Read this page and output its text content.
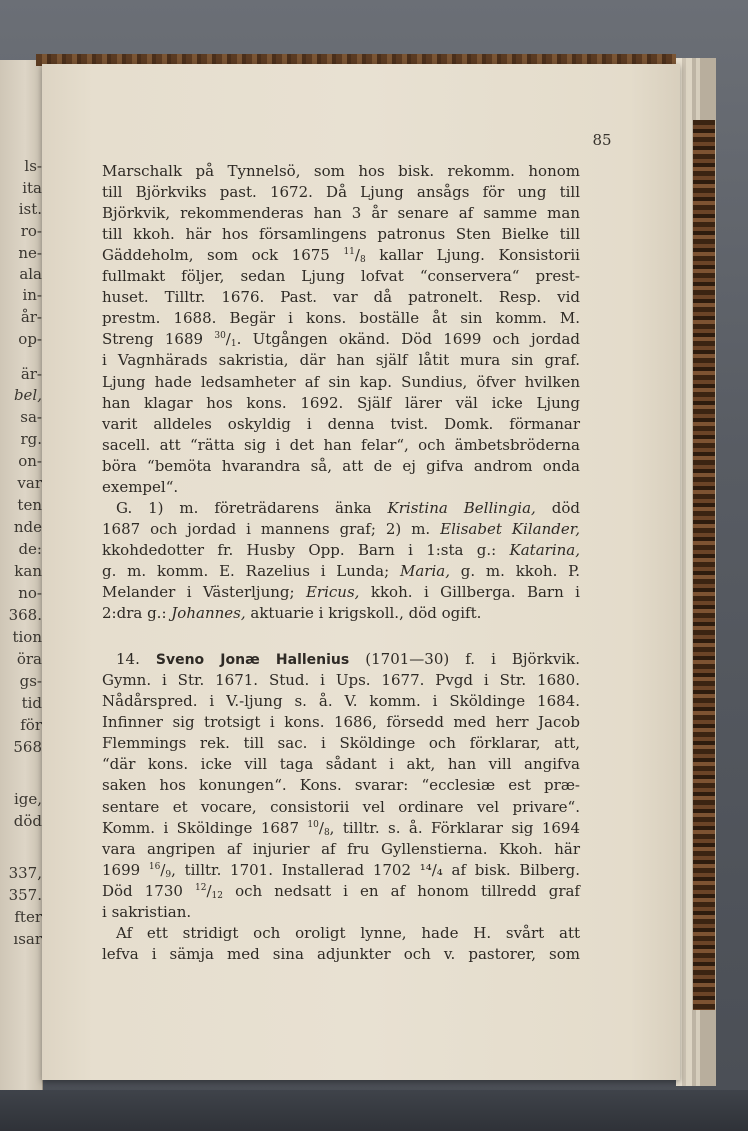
ls-
ita
ist.
ro-
ne-
ala
in-
år-
op-
är-
bel,
sa-
rg.
on-
var
ten
nde
de:
kan
no-
368.
tion
öra
gs-
tid
för
568
ige,
död
337,
357.
fter
ısar
85
Marschalk på Tynnelsö, som hos bisk. rekomm. honom
till Björkviks past. 1672. Då Ljung ansågs för ung till
Björkvik, rekommenderas han 3 år senare af samme man
till kkoh. här hos församlingens patronus Sten Bielke till
Gäddeholm, som ock 1675 $^{11}/_8$ kallar Ljung. Konsistorii
fullmakt följer, sedan Ljung lofvat “conservera“ prest-
huset. Tilltr. 1676. Past. var då patronelt. Resp. vid
prestm. 1688. Begär i kons. boställe åt sin komm. M.
Streng 1689 $^{30}/_1$. Utgången okänd. Död 1699 och jordad
i Vagnhärads sakristia, där han själf låtit mura sin graf.
Ljung hade ledsamheter af sin kap. Sundius, öfver hvilken
han klagar hos kons. 1692. Själf lärer väl icke Ljung
varit alldeles oskyldig i denna tvist. Domk. förmanar
sacell. att “rätta sig i det han felar“, och ämbetsbröderna
böra “bemöta hvarandra så, att de ej gifva androm onda
exempel“.
G. 1) m. företrädarens änka Kristina Bellingia, död
1687 och jordad i mannens graf; 2) m. Elisabet Kilander,
kkohdedotter fr. Husby Opp. Barn i 1:sta g.: Katarina,
g. m. komm. E. Razelius i Lunda; Maria, g. m. kkoh. P.
Melander i Västerljung; Ericus, kkoh. i Gillberga. Barn i
2:dra g.: Johannes, aktuarie i krigskoll., död ogift.
14. Sveno Jonæ Hallenius (1701—30) f. i Björkvik.
Gymn. i Str. 1671. Stud. i Ups. 1677. Pvgd i Str. 1680.
Nådårspred. i V.-ljung s. å. V. komm. i Sköldinge 1684.
Infinner sig trotsigt i kons. 1686, försedd med herr Jacob
Flemmings rek. till sac. i Sköldinge och förklarar, att,
“där kons. icke vill taga sådant i akt, han vill angifva
saken hos konungen“. Kons. svarar: “ecclesiæ est præ-
sentare et vocare, consistorii vel ordinare vel privare“.
Komm. i Sköldinge 1687 $^{10}/_8$, tilltr. s. å. Förklarar sig 1694
vara angripen af injurier af fru Gyllenstierna. Kkoh. här
1699 $^{16}/_9$, tilltr. 1701. Installerad 1702 ¹⁴/₄ af bisk. Bilberg.
Död 1730 $^{12}/_{12}$ och nedsatt i en af honom tillredd graf
i sakristian.
Af ett stridigt och oroligt lynne, hade H. svårt att
lefva i sämja med sina adjunkter och v. pastorer, som
